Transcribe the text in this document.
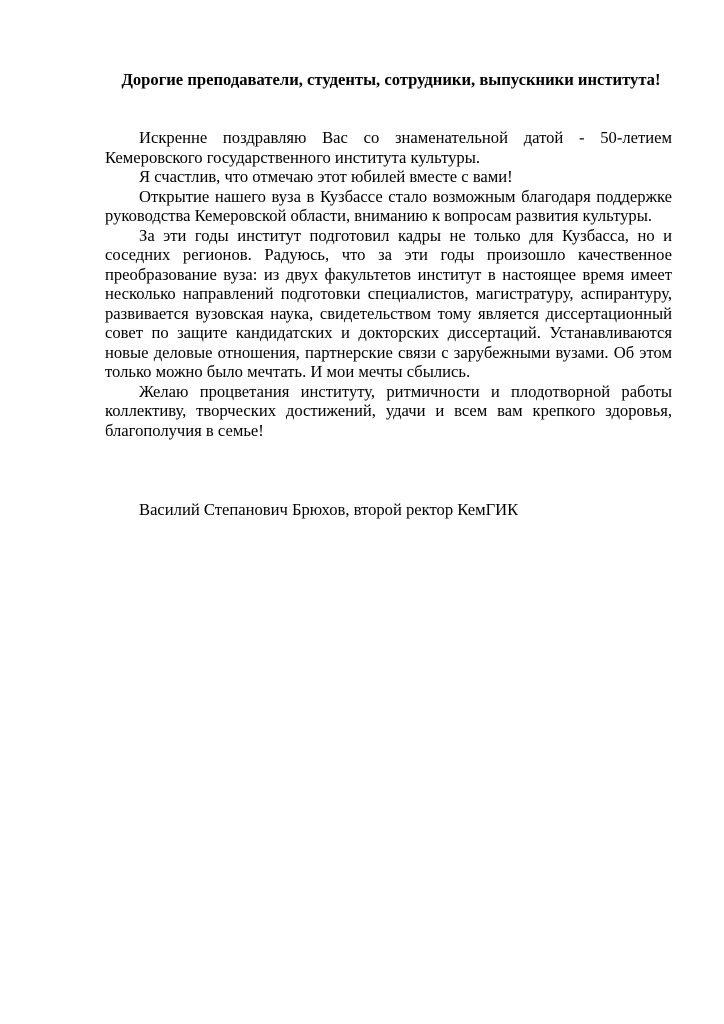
Дорогие преподаватели, студенты, сотрудники, выпускники института!

Искренне поздравляю Вас со знаменательной датой - 50-летием Кемеровского государственного института культуры.

Я счастлив, что отмечаю этот юбилей вместе с вами!

Открытие нашего вуза в Кузбассе стало возможным благодаря поддержке руководства Кемеровской области, вниманию к вопросам развития культуры.

За эти годы институт подготовил кадры не только для Кузбасса, но и соседних регионов. Радуюсь, что за эти годы произошло качественное преобразование вуза: из двух факультетов институт в настоящее время имеет несколько направлений подготовки специалистов, магистратуру, аспирантуру, развивается вузовская наука, свидетельством тому является диссертационный совет по защите кандидатских и докторских диссертаций. Устанавливаются новые деловые отношения, партнерские связи с зарубежными вузами. Об этом только можно было мечтать. И мои мечты сбылись.

Желаю процветания институту, ритмичности и плодотворной работы коллективу, творческих достижений, удачи и всем вам крепкого здоровья, благополучия в семье!

Василий Степанович Брюхов, второй ректор КемГИК
